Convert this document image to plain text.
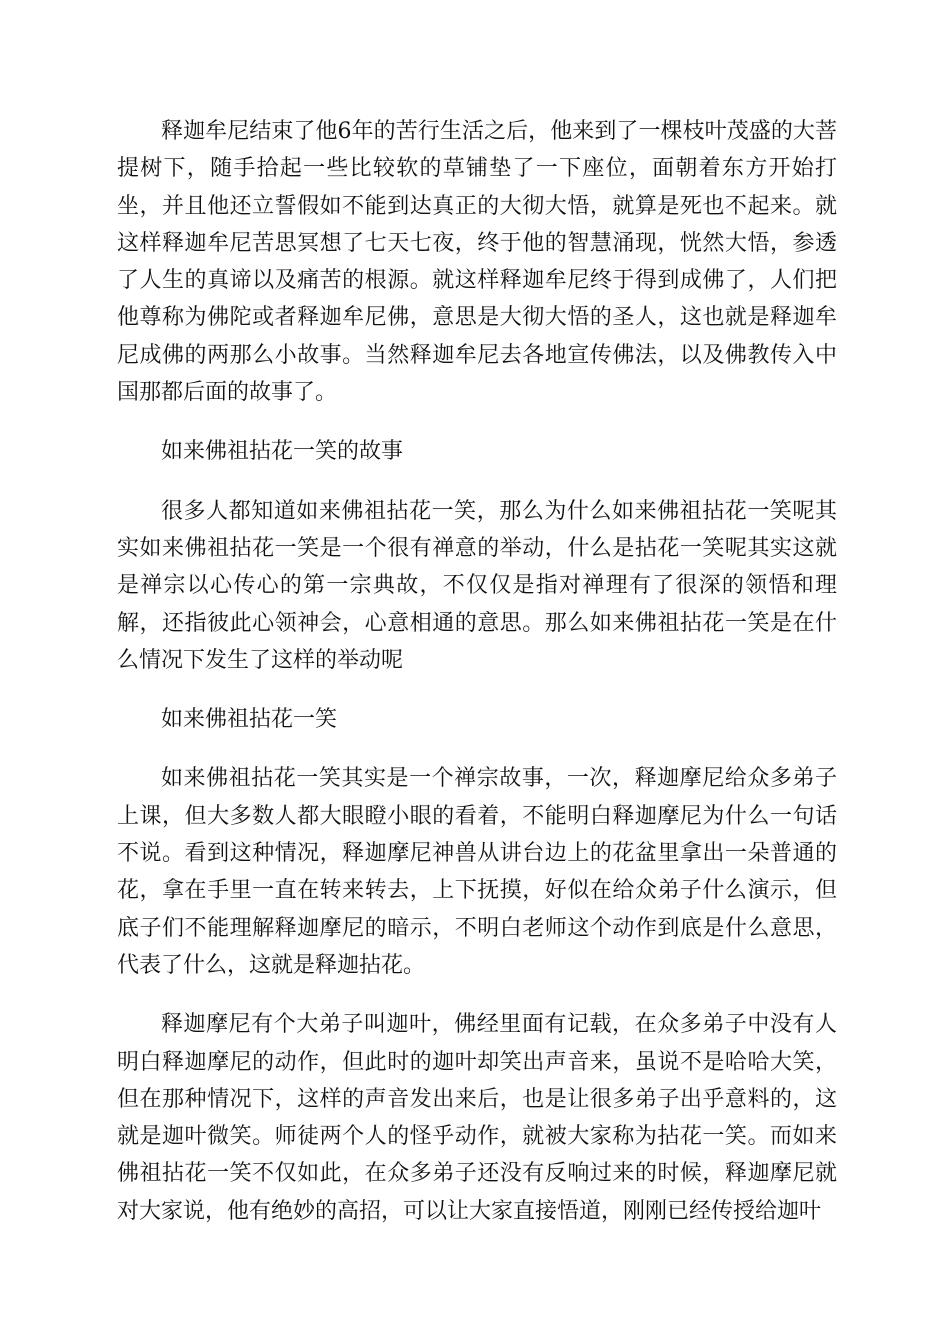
释迦牟尼结束了他6年的苦行生活之后，他来到了一棵枝叶茂盛的大菩提树下，随手拾起一些比较软的草铺垫了一下座位，面朝着东方开始打坐，并且他还立誓假如不能到达真正的大彻大悟，就算是死也不起来。就这样释迦牟尼苦思冥想了七天七夜，终于他的智慧涌现，恍然大悟，参透了人生的真谛以及痛苦的根源。就这样释迦牟尼终于得到成佛了，人们把他尊称为佛陀或者释迦牟尼佛，意思是大彻大悟的圣人，这也就是释迦牟尼成佛的两那么小故事。当然释迦牟尼去各地宣传佛法，以及佛教传入中国那都后面的故事了。

如来佛祖拈花一笑的故事

很多人都知道如来佛祖拈花一笑，那么为什么如来佛祖拈花一笑呢其实如来佛祖拈花一笑是一个很有禅意的举动，什么是拈花一笑呢其实这就是禅宗以心传心的第一宗典故，不仅仅是指对禅理有了很深的领悟和理解，还指彼此心领神会，心意相通的意思。那么如来佛祖拈花一笑是在什么情况下发生了这样的举动呢

如来佛祖拈花一笑

如来佛祖拈花一笑其实是一个禅宗故事，一次，释迦摩尼给众多弟子上课，但大多数人都大眼瞪小眼的看着，不能明白释迦摩尼为什么一句话不说。看到这种情况，释迦摩尼神兽从讲台边上的花盆里拿出一朵普通的花，拿在手里一直在转来转去，上下抚摸，好似在给众弟子什么演示，但底子们不能理解释迦摩尼的暗示，不明白老师这个动作到底是什么意思，代表了什么，这就是释迦拈花。

释迦摩尼有个大弟子叫迦叶，佛经里面有记载，在众多弟子中没有人明白释迦摩尼的动作，但此时的迦叶却笑出声音来，虽说不是哈哈大笑，但在那种情况下，这样的声音发出来后，也是让很多弟子出乎意料的，这就是迦叶微笑。师徒两个人的怪乎动作，就被大家称为拈花一笑。而如来佛祖拈花一笑不仅如此，在众多弟子还没有反响过来的时候，释迦摩尼就对大家说，他有绝妙的高招，可以让大家直接悟道，刚刚已经传授给迦叶
